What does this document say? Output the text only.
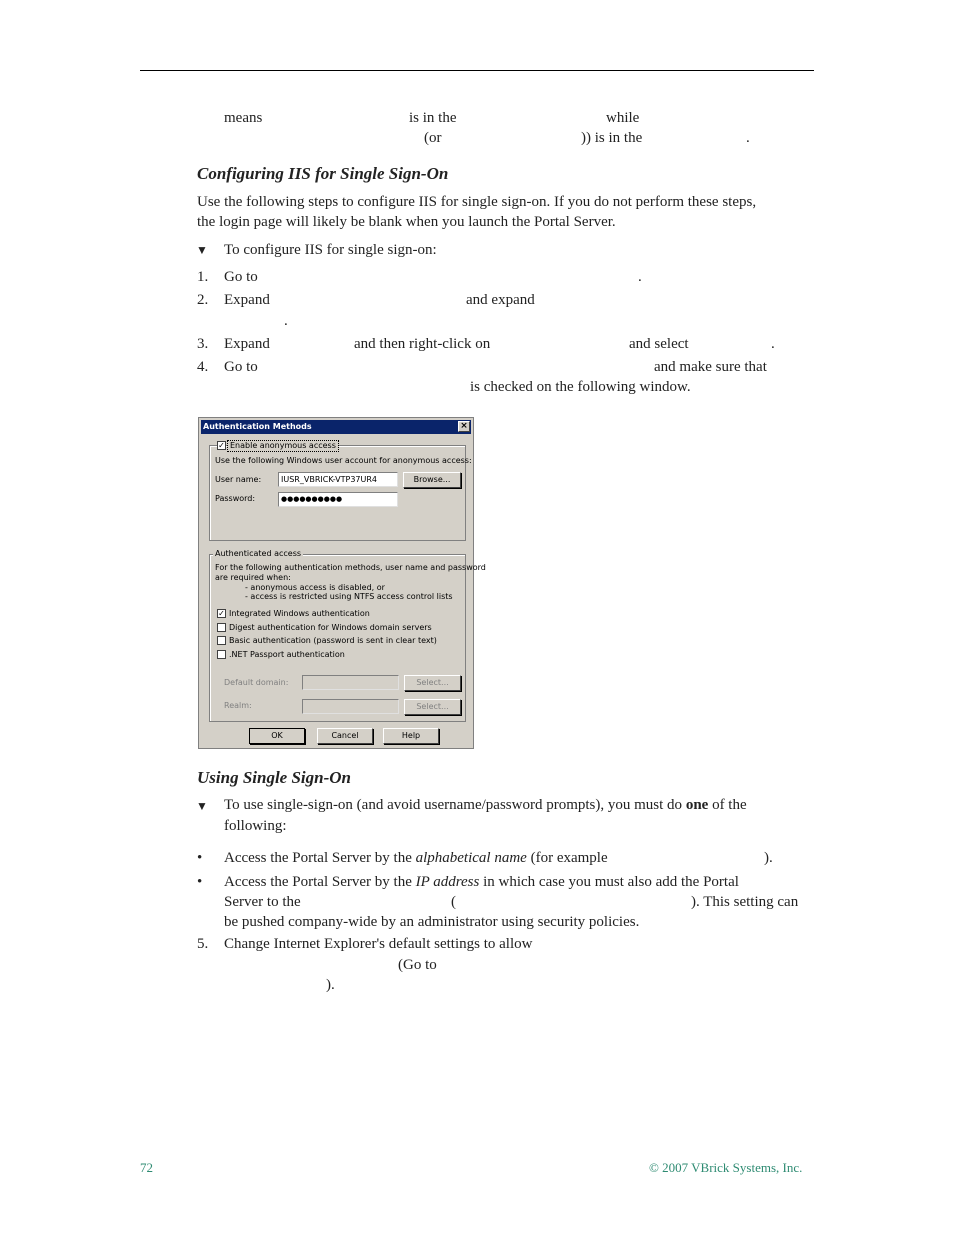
means	is in the	while
(or	)) is in the	.
Configuring IIS for Single Sign-On
Use the following steps to configure IIS for single sign-on. If you do not perform these steps,
the login page will likely be blank when you launch the Portal Server.
▼ To configure IIS for single sign-on:
1. Go to	.
2. Expand	and expand
.
3. Expand	and then right-click on	and select	.
4. Go to	and make sure that
is checked on the following window.
Authentication Methods	×
✓ Enable anonymous access
Use the following Windows user account for anonymous access:
User name:	IUSR_VBRICK-VTP37UR4	Browse...
Password:	●●●●●●●●●●
Authenticated access
For the following authentication methods, user name and password
are required when:
- anonymous access is disabled, or
- access is restricted using NTFS access control lists
✓ Integrated Windows authentication
Digest authentication for Windows domain servers
Basic authentication (password is sent in clear text)
.NET Passport authentication
Default domain:	Select...
Realm:	Select...
OK	Cancel	Help
Using Single Sign-On
▼ To use single-sign-on (and avoid username/password prompts), you must do one of the
following:
• Access the Portal Server by the alphabetical name (for example	).
• Access the Portal Server by the IP address in which case you must also add the Portal
Server to the	(	). This setting can
be pushed company-wide by an administrator using security policies.
5. Change Internet Explorer's default settings to allow
(Go to
).
72	© 2007 VBrick Systems, Inc.
